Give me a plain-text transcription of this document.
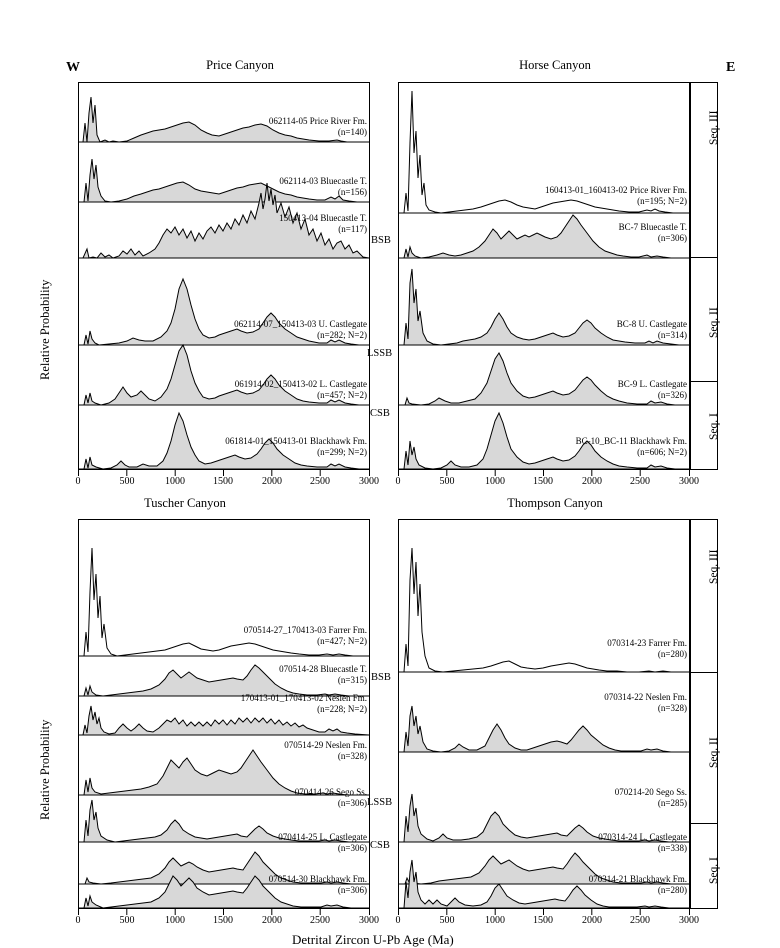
W	E
Price Canyon	Horse Canyon
Relative Probability
062114-05 Price River Fm.
(n=140)
062114-03 Bluecastle T.
(n=156)
150413-04 Bluecastle T.
(n=117)
062114-07_150413-03 U. Castlegate
(n=282; N=2)
061914-02_150413-02 L. Castlegate
(n=457; N=2)
061814-01_150413-01 Blackhawk Fm.
(n=299; N=2)
160413-01_160413-02 Price River Fm.
(n=195; N=2)
BC-7 Bluecastle T.
(n=306)
BC-8 U. Castlegate
(n=314)
BC-9 L. Castlegate
(n=326)
BC-10_BC-11 Blackhawk Fm.
(n=606; N=2)
BSB
LSSB
CSB
Seq. III
Seq. II
Seq. I
0	500	1000	1500	2000	2500	3000	0	500	1000	1500	2000	2500	3000
Tuscher Canyon	Thompson Canyon
Relative Probability
070514-27_170413-03 Farrer Fm.
(n=427; N=2)
070514-28 Bluecastle T.
(n=315)
170413-01_170413-02 Neslen Fm.
(n=228; N=2)
070514-29 Neslen Fm.
(n=328)
070414-26 Sego Ss.
(n=306)
070414-25 L. Castlegate
(n=306)
070514-30 Blackhawk Fm.
(n=306)
070314-23 Farrer Fm.
(n=280)
070314-22 Neslen Fm.
(n=328)
070214-20 Sego Ss.
(n=285)
070314-24 L. Castlegate
(n=338)
070314-21 Blackhawk Fm.
(n=280)
BSB
LSSB
CSB
Seq. III
Seq. II
Seq. I
0	500	1000	1500	2000	2500	3000	0	500	1000	1500	2000	2500	3000
Detrital Zircon U-Pb Age (Ma)
